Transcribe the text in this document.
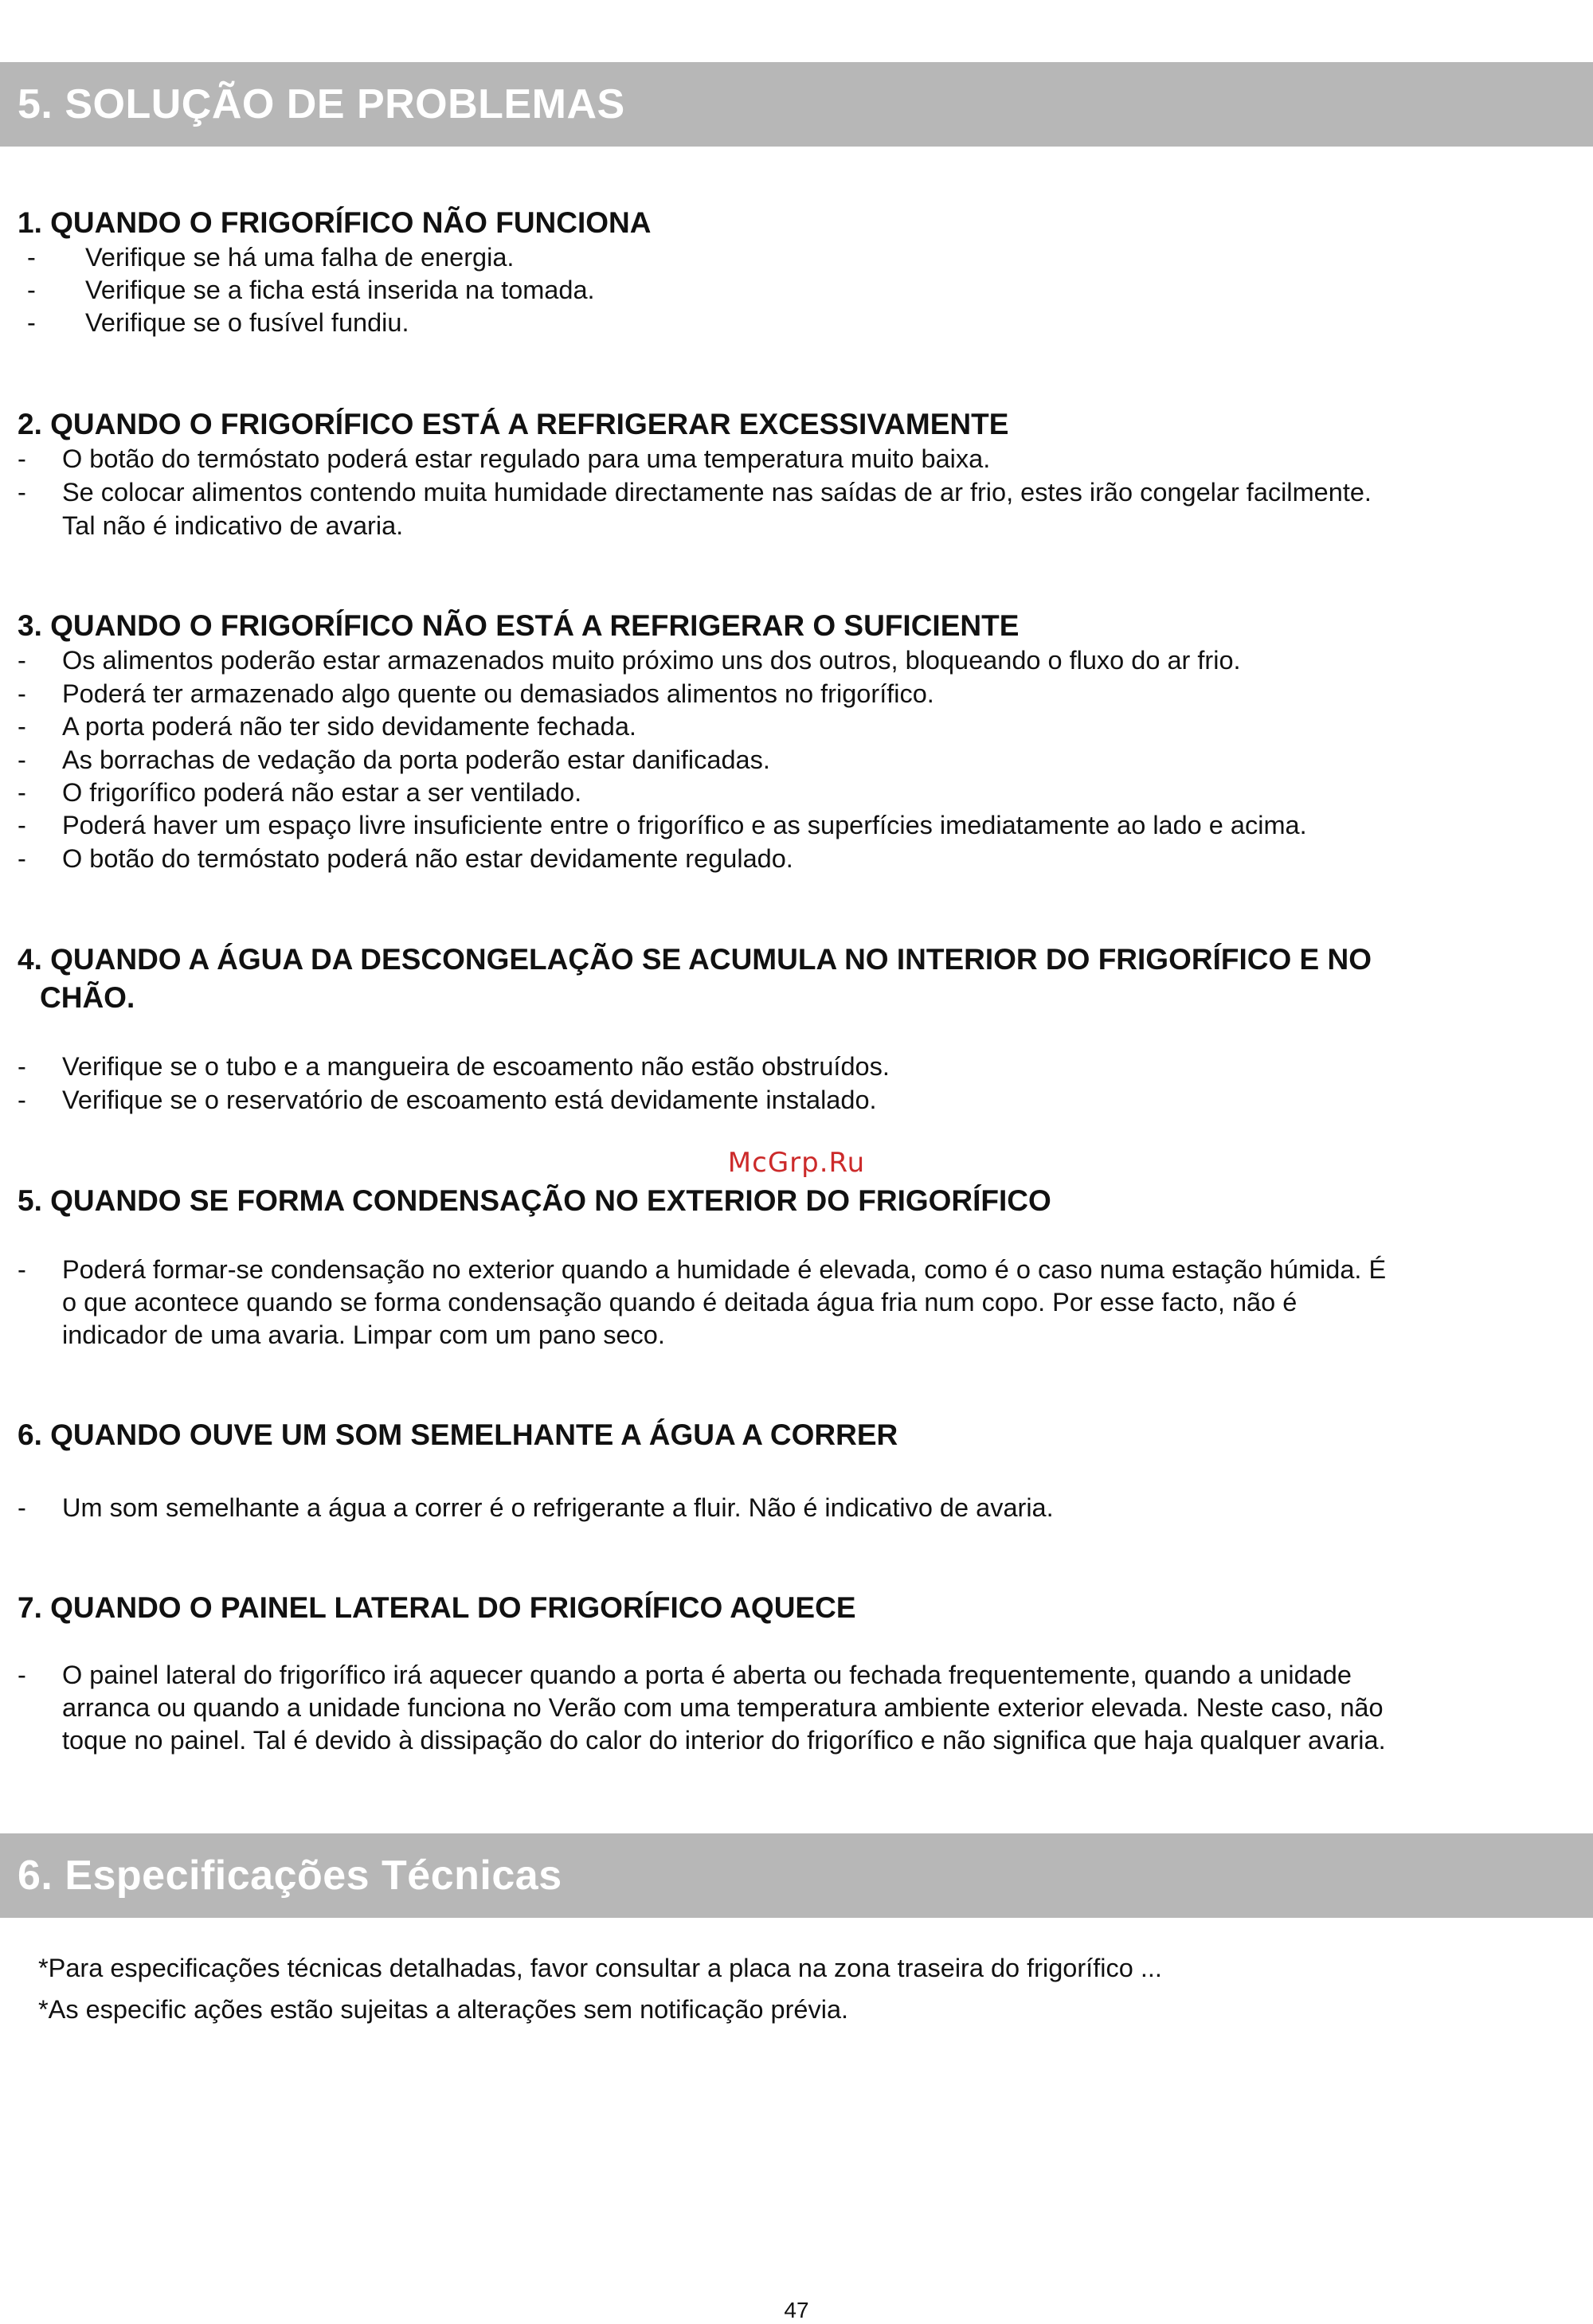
5. SOLUÇÃO DE PROBLEMAS
1. QUANDO O FRIGORÍFICO NÃO FUNCIONA
- Verifique se há uma falha de energia.
- Verifique se a ficha está inserida na tomada.
- Verifique se o fusível fundiu.
2. QUANDO O FRIGORÍFICO ESTÁ A REFRIGERAR EXCESSIVAMENTE
- O botão do termóstato poderá estar regulado para uma temperatura muito baixa.
- Se colocar alimentos contendo muita humidade directamente nas saídas de ar frio, estes irão congelar facilmente.
Tal não é indicativo de avaria.
3. QUANDO O FRIGORÍFICO NÃO ESTÁ A REFRIGERAR O SUFICIENTE
- Os alimentos poderão estar armazenados muito próximo uns dos outros, bloqueando o fluxo do ar frio.
- Poderá ter armazenado algo quente ou demasiados alimentos no frigorífico.
- A porta poderá não ter sido devidamente fechada.
- As borrachas de vedação da porta poderão estar danificadas.
- O frigorífico poderá não estar a ser ventilado.
- Poderá haver um espaço livre insuficiente entre o frigorífico e as superfícies imediatamente ao lado e acima.
- O botão do termóstato poderá não estar devidamente regulado.
4. QUANDO A ÁGUA DA DESCONGELAÇÃO SE ACUMULA NO INTERIOR DO FRIGORÍFICO E NO
CHÃO.
- Verifique se o tubo e a mangueira de escoamento não estão obstruídos.
- Verifique se o reservatório de escoamento está devidamente instalado.
McGrp.Ru
5. QUANDO SE FORMA CONDENSAÇÃO NO EXTERIOR DO FRIGORÍFICO
- Poderá formar-se condensação no exterior quando a humidade é elevada, como é o caso numa estação húmida. É
o que acontece quando se forma condensação quando é deitada água fria num copo. Por esse facto, não é
indicador de uma avaria. Limpar com um pano seco.
6. QUANDO OUVE UM SOM SEMELHANTE A ÁGUA A CORRER
- Um som semelhante a água a correr é o refrigerante a fluir. Não é indicativo de avaria.
7. QUANDO O PAINEL LATERAL DO FRIGORÍFICO AQUECE
- O painel lateral do frigorífico irá aquecer quando a porta é aberta ou fechada frequentemente, quando a unidade
arranca ou quando a unidade funciona no Verão com uma temperatura ambiente exterior elevada. Neste caso, não
toque no painel. Tal é devido à dissipação do calor do interior do frigorífico e não significa que haja qualquer avaria.
6. Especificações Técnicas
*Para especificações técnicas detalhadas, favor consultar a placa na zona traseira do frigorífico ...
*As especific ações estão sujeitas a alterações sem notificação prévia.
47
